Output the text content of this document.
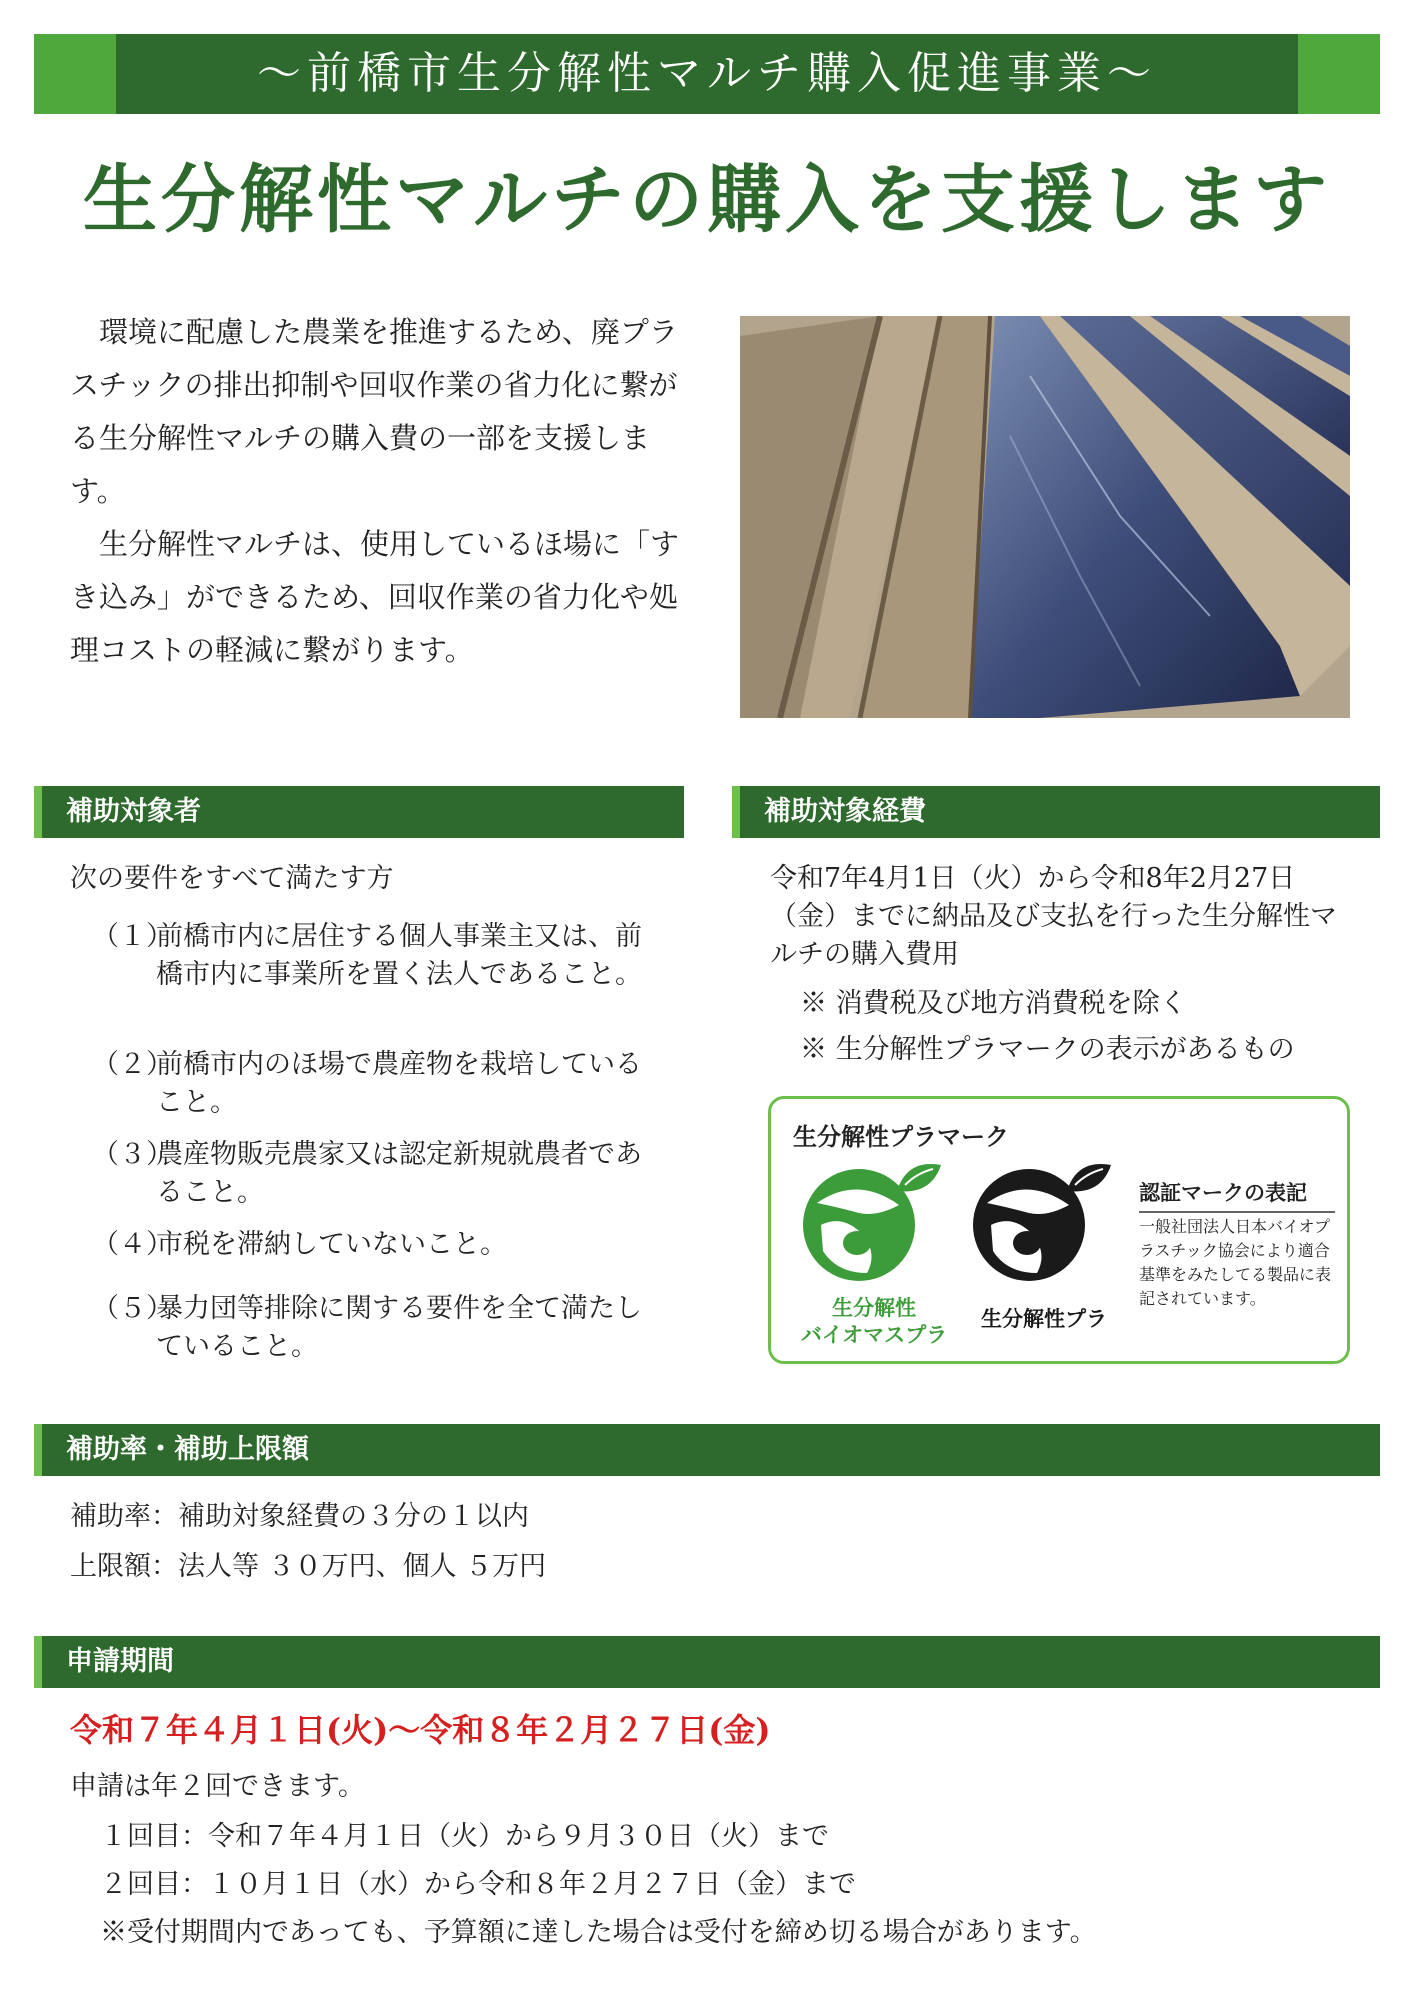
〜前橋市生分解性マルチ購入促進事業〜
生分解性マルチの購入を支援します

環境に配慮した農業を推進するため、廃プラスチックの排出抑制や回収作業の省力化に繋がる生分解性マルチの購入費の一部を支援します。

生分解性マルチは、使用しているほ場に「すき込み」ができるため、回収作業の省力化や処理コストの軽減に繋がります。

補助対象者
次の要件をすべて満たす方
（１）
前橋市内に居住する個人事業主又は、前橋市内に事業所を置く法人であること。
（２）
前橋市内のほ場で農産物を栽培していること。
（３）
農産物販売農家又は認定新規就農者であること。
（４）
市税を滞納していないこと。
（５）
暴力団等排除に関する要件を全て満たしていること。
補助対象経費
令和7年4月1日（火）から令和8年2月27日（金）までに納品及び支払を行った生分解性マルチの購入費用
※ 消費税及び地方消費税を除く
※ 生分解性プラマークの表示があるもの
生分解性プラマーク
生分解性
バイオマスプラ
生分解性プラ
認証マークの表記
一般社団法人日本バイオプラスチック協会により適合基準をみたしてる製品に表記されています。
補助率・補助上限額
補助率：補助対象経費の３分の１以内
上限額：法人等 ３０万円、個人 ５万円
申請期間
令和７年４月１日(火)〜令和８年２月２７日(金)
申請は年２回できます。
１回目：令和７年４月１日（火）から９月３０日（火）まで
２回目：１０月１日（水）から令和８年２月２７日（金）まで
※受付期間内であっても、予算額に達した場合は受付を締め切る場合があります。
